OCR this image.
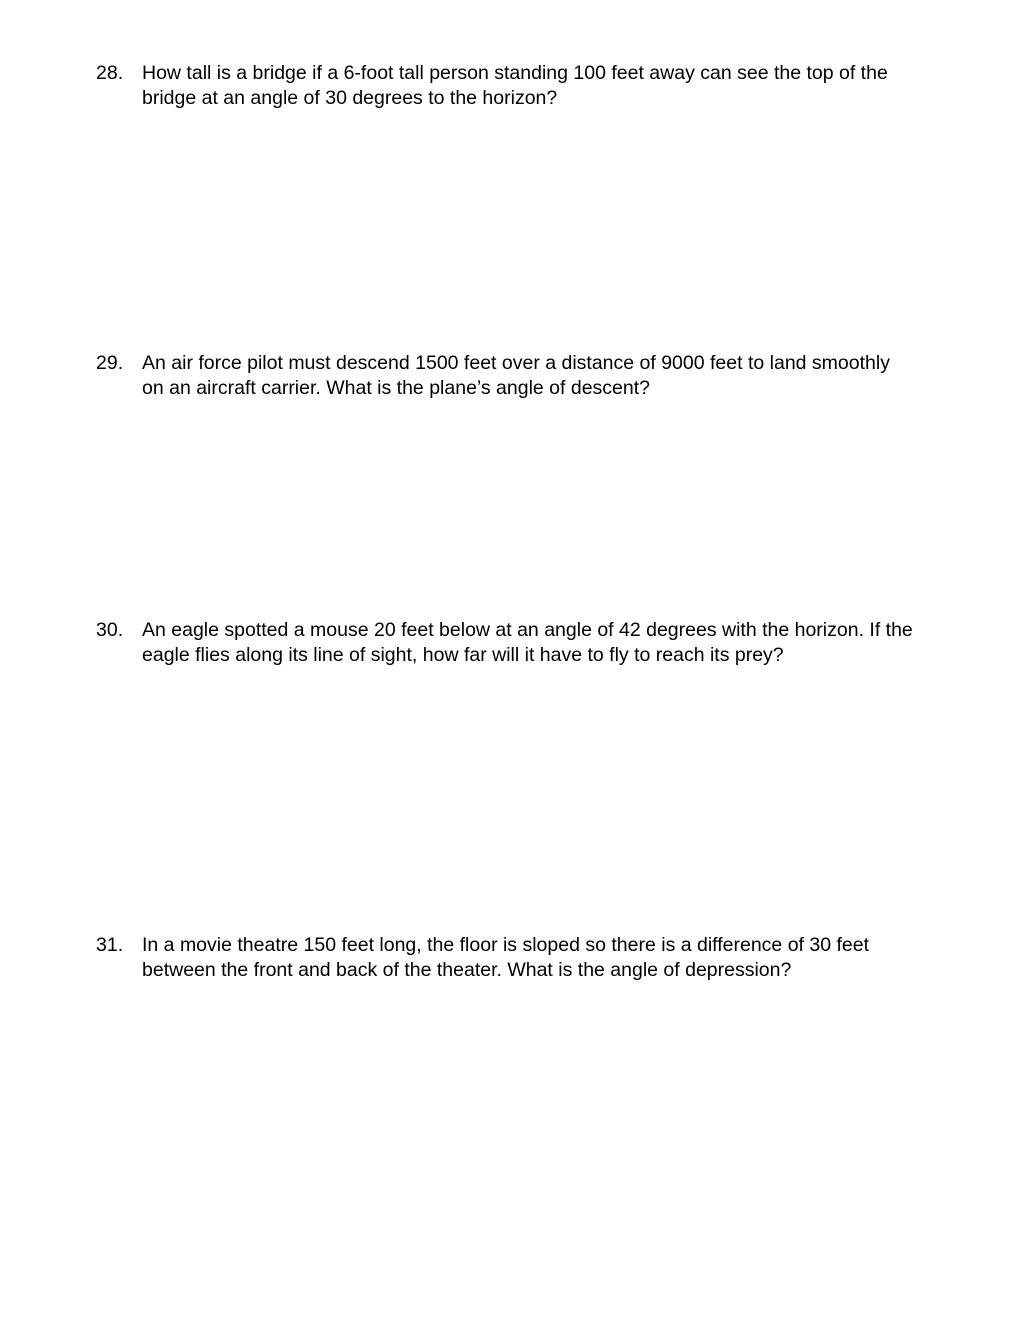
28. How tall is a bridge if a 6-foot tall person standing 100 feet away can see the top of the
bridge at an angle of 30 degrees to the horizon?
29. An air force pilot must descend 1500 feet over a distance of 9000 feet to land smoothly
on an aircraft carrier. What is the plane’s angle of descent?
30. An eagle spotted a mouse 20 feet below at an angle of 42 degrees with the horizon. If the
eagle flies along its line of sight, how far will it have to fly to reach its prey?
31. In a movie theatre 150 feet long, the floor is sloped so there is a difference of 30 feet
between the front and back of the theater. What is the angle of depression?
